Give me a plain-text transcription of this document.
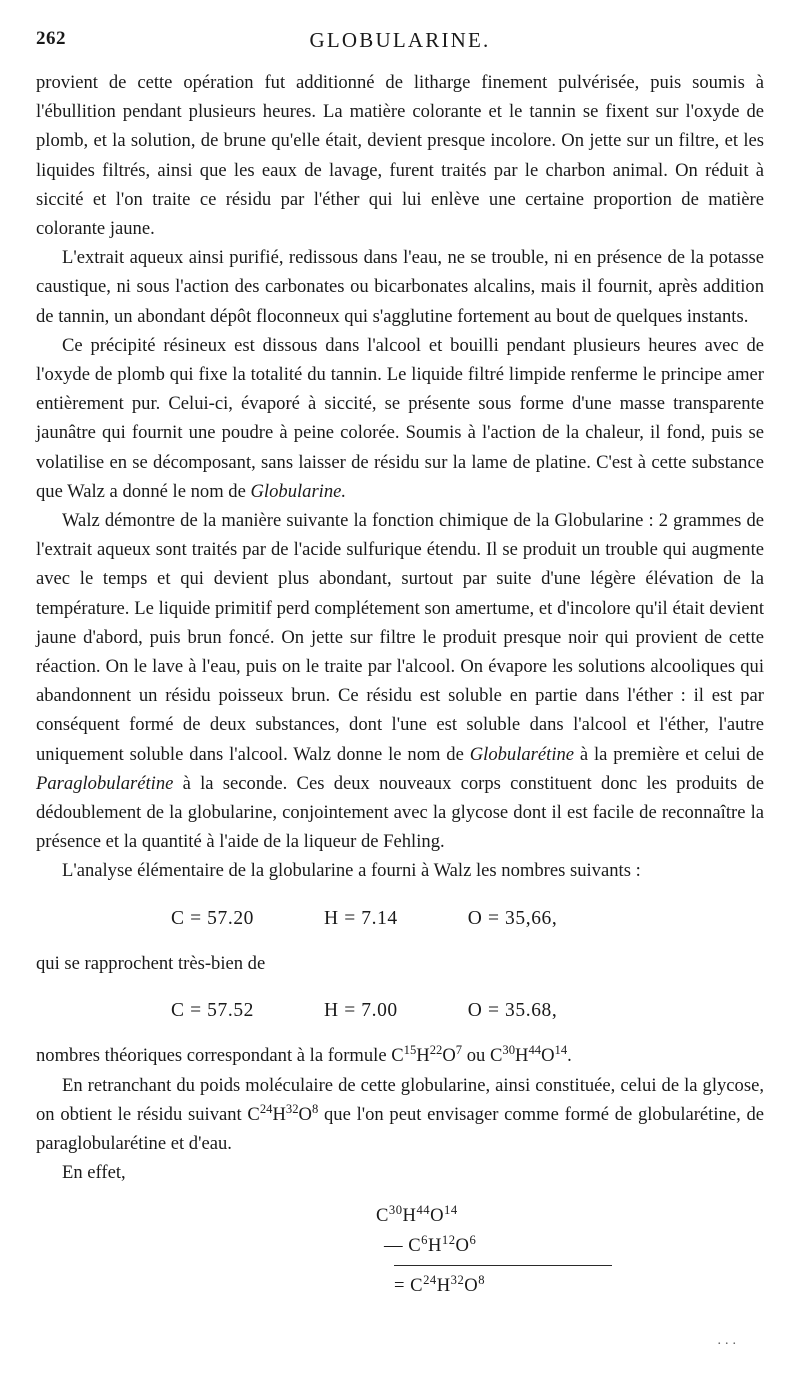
262	GLOBULARINE.

provient de cette opération fut additionné de litharge finement pulvérisée, puis soumis à l'ébullition pendant plusieurs heures. La matière colorante et le tannin se fixent sur l'oxyde de plomb, et la solution, de brune qu'elle était, devient presque incolore. On jette sur un filtre, et les liquides filtrés, ainsi que les eaux de lavage, furent traités par le charbon animal. On réduit à siccité et l'on traite ce résidu par l'éther qui lui enlève une certaine proportion de matière colorante jaune.

L'extrait aqueux ainsi purifié, redissous dans l'eau, ne se trouble, ni en présence de la potasse caustique, ni sous l'action des carbonates ou bicarbonates alcalins, mais il fournit, après addition de tannin, un abondant dépôt floconneux qui s'agglutine fortement au bout de quelques instants.

Ce précipité résineux est dissous dans l'alcool et bouilli pendant plusieurs heures avec de l'oxyde de plomb qui fixe la totalité du tannin. Le liquide filtré limpide renferme le principe amer entièrement pur. Celui-ci, évaporé à siccité, se présente sous forme d'une masse transparente jaunâtre qui fournit une poudre à peine colorée. Soumis à l'action de la chaleur, il fond, puis se volatilise en se décomposant, sans laisser de résidu sur la lame de platine. C'est à cette substance que Walz a donné le nom de Globularine.

Walz démontre de la manière suivante la fonction chimique de la Globularine : 2 grammes de l'extrait aqueux sont traités par de l'acide sulfurique étendu. Il se produit un trouble qui augmente avec le temps et qui devient plus abondant, surtout par suite d'une légère élévation de la température. Le liquide primitif perd complétement son amertume, et d'incolore qu'il était devient jaune d'abord, puis brun foncé. On jette sur filtre le produit presque noir qui provient de cette réaction. On le lave à l'eau, puis on le traite par l'alcool. On évapore les solutions alcooliques qui abandonnent un résidu poisseux brun. Ce résidu est soluble en partie dans l'éther : il est par conséquent formé de deux substances, dont l'une est soluble dans l'alcool et l'éther, l'autre uniquement soluble dans l'alcool. Walz donne le nom de Globularétine à la première et celui de Paraglobularétine à la seconde. Ces deux nouveaux corps constituent donc les produits de dédoublement de la globularine, conjointement avec la glycose dont il est facile de reconnaître la présence et la quantité à l'aide de la liqueur de Fehling.

L'analyse élémentaire de la globularine a fourni à Walz les nombres suivants :

C = 57.20	H = 7.14	O = 35,66,

qui se rapprochent très-bien de

C = 57.52	H = 7.00	O = 35.68,

nombres théoriques correspondant à la formule $C^{15}H^{22}O^7$ ou $C^{30}H^{44}O^{14}$.

En retranchant du poids moléculaire de cette globularine, ainsi constituée, celui de la glycose, on obtient le résidu suivant $C^{24}H^{32}O^8$ que l'on peut envisager comme formé de globularétine, de paraglobularétine et d'eau.

En effet,

$C^{30}H^{44}O^{14}$
— $C^6H^{12}O^6$
= $C^{24}H^{32}O^8$
...
